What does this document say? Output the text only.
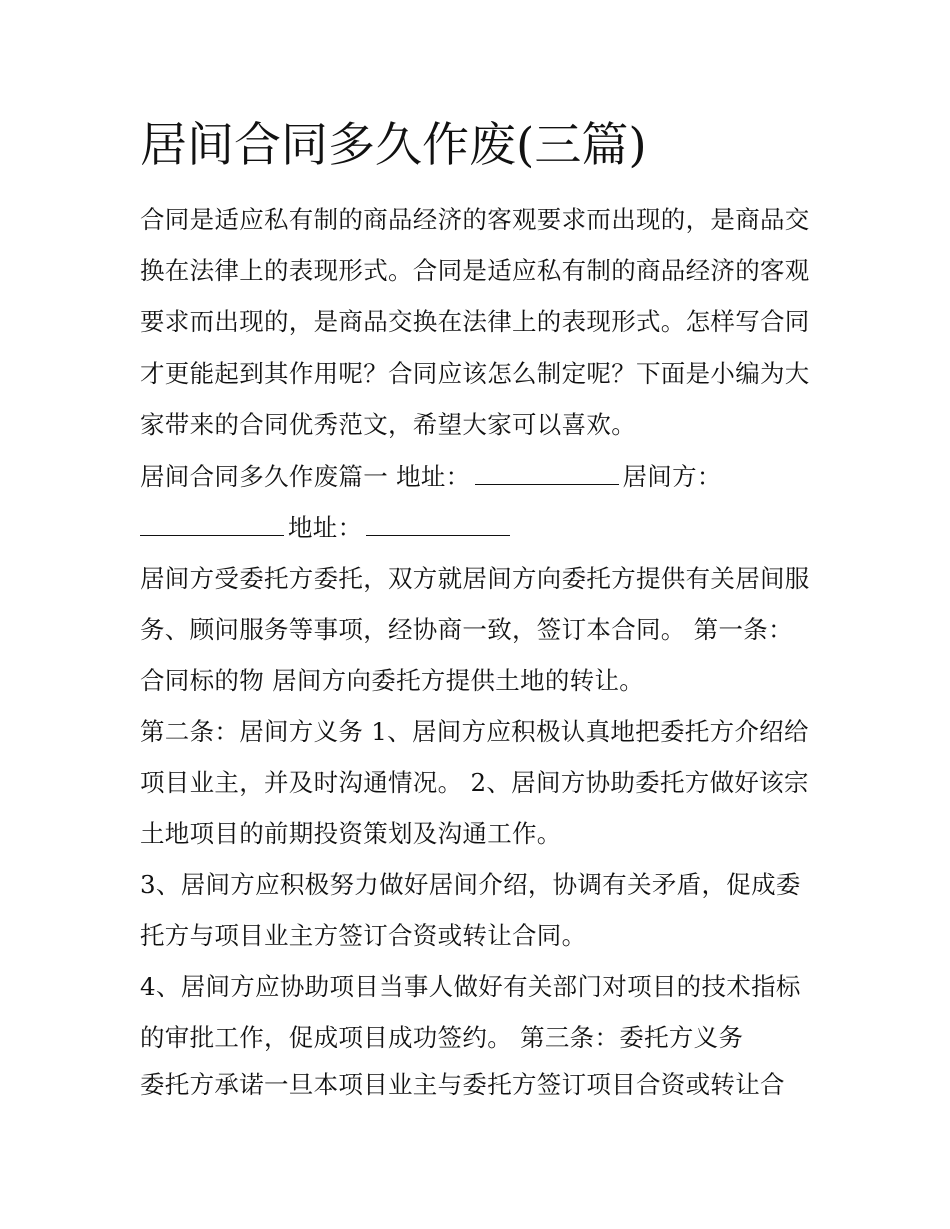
居间合同多久作废(三篇)

合同是适应私有制的商品经济的客观要求而出现的，是商品交

换在法律上的表现形式。合同是适应私有制的商品经济的客观

要求而出现的，是商品交换在法律上的表现形式。怎样写合同

才更能起到其作用呢？合同应该怎么制定呢？下面是小编为大

家带来的合同优秀范文，希望大家可以喜欢。

居间合同多久作废篇一 地址：	居间方：

地址：

居间方受委托方委托，双方就居间方向委托方提供有关居间服

务、顾问服务等事项，经协商一致，签订本合同。 第一条：

合同标的物 居间方向委托方提供土地的转让。

第二条：居间方义务 1、居间方应积极认真地把委托方介绍给

项目业主，并及时沟通情况。 2、居间方协助委托方做好该宗

土地项目的前期投资策划及沟通工作。

3、居间方应积极努力做好居间介绍，协调有关矛盾，促成委

托方与项目业主方签订合资或转让合同。

4、居间方应协助项目当事人做好有关部门对项目的技术指标

的审批工作，促成项目成功签约。 第三条：委托方义务

委托方承诺一旦本项目业主与委托方签订项目合资或转让合
